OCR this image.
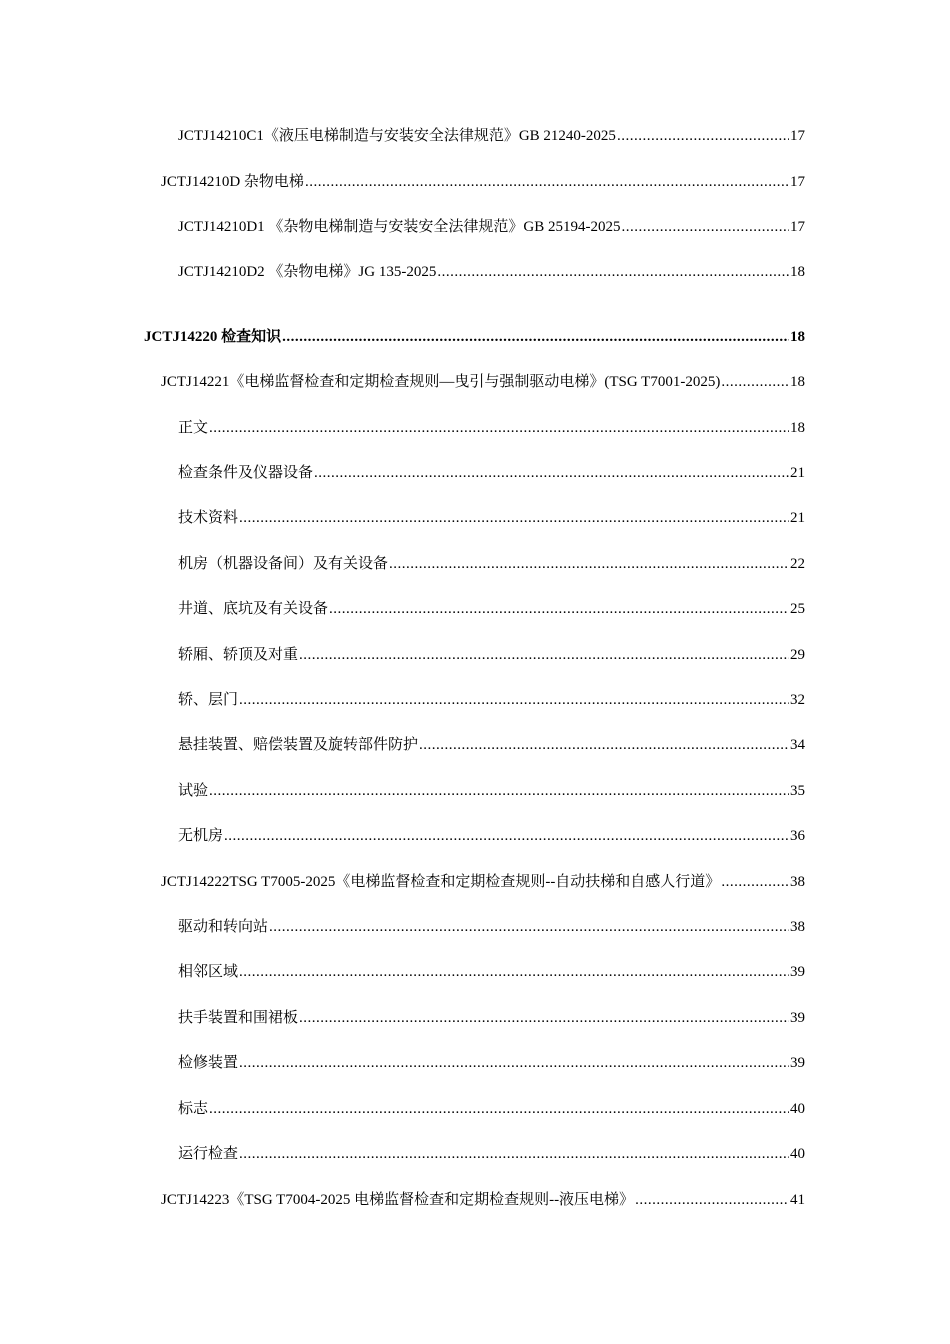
JCTJ14210C1《液压电梯制造与安装安全法律规范》GB 21240-2025 .....	17
JCTJ14210D 杂物电梯 .....	17
JCTJ14210D1 《杂物电梯制造与安装安全法律规范》GB 25194-2025 .....	17
JCTJ14210D2 《杂物电梯》JG 135-2025 .....	18
JCTJ14220 检查知识 .....	18
JCTJ14221《电梯监督检查和定期检查规则—曳引与强制驱动电梯》(TSG T7001-2025) .....	18
正文 .....	18
检查条件及仪器设备 .....	21
技术资料 .....	21
机房（机器设备间）及有关设备 .....	22
井道、底坑及有关设备 .....	25
轿厢、轿顶及对重 .....	29
轿、层门 .....	32
悬挂装置、赔偿装置及旋转部件防护 .....	34
试验 .....	35
无机房 .....	36
JCTJ14222TSG T7005-2025《电梯监督检查和定期检查规则--自动扶梯和自感人行道》 .....	38
驱动和转向站 .....	38
相邻区域 .....	39
扶手装置和围裙板 .....	39
检修装置 .....	39
标志 .....	40
运行检查 .....	40
JCTJ14223《TSG T7004-2025 电梯监督检查和定期检查规则--液压电梯》 .....	41
